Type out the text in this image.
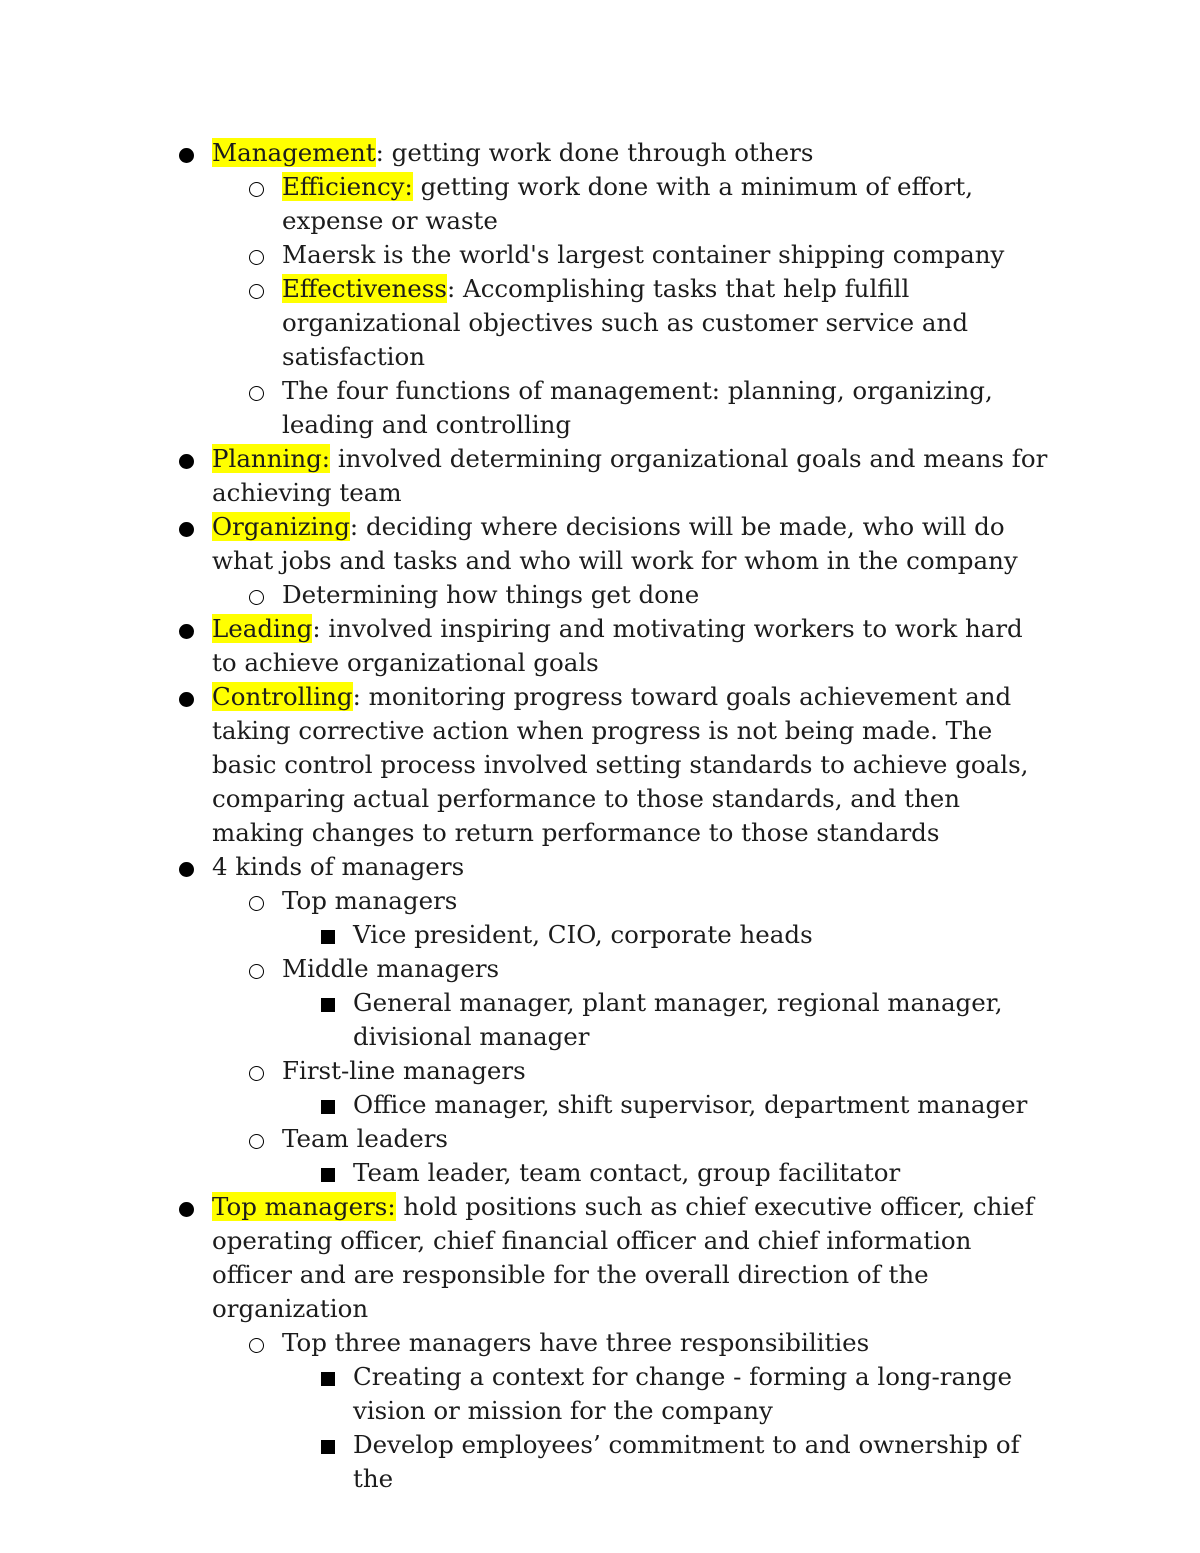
Management: getting work done through others
Efficiency: getting work done with a minimum of effort, expense or waste
Maersk is the world's largest container shipping company
Effectiveness: Accomplishing tasks that help fulfill organizational objectives such as customer service and satisfaction
The four functions of management: planning, organizing, leading and controlling
Planning: involved determining organizational goals and means for achieving team
Organizing: deciding where decisions will be made, who will do what jobs and tasks and who will work for whom in the company
Determining how things get done
Leading: involved inspiring and motivating workers to work hard to achieve organizational goals
Controlling: monitoring progress toward goals achievement and taking corrective action when progress is not being made. The basic control process involved setting standards to achieve goals, comparing actual performance to those standards, and then making changes to return performance to those standards
4 kinds of managers
Top managers
Vice president, CIO, corporate heads
Middle managers
General manager, plant manager, regional manager, divisional manager
First-line managers
Office manager, shift supervisor, department manager
Team leaders
Team leader, team contact, group facilitator
Top managers: hold positions such as chief executive officer, chief operating officer, chief financial officer and chief information officer and are responsible for the overall direction of the organization
Top three managers have three responsibilities
Creating a context for change - forming a long-range vision or mission for the company
Develop employees’ commitment to and ownership of the
